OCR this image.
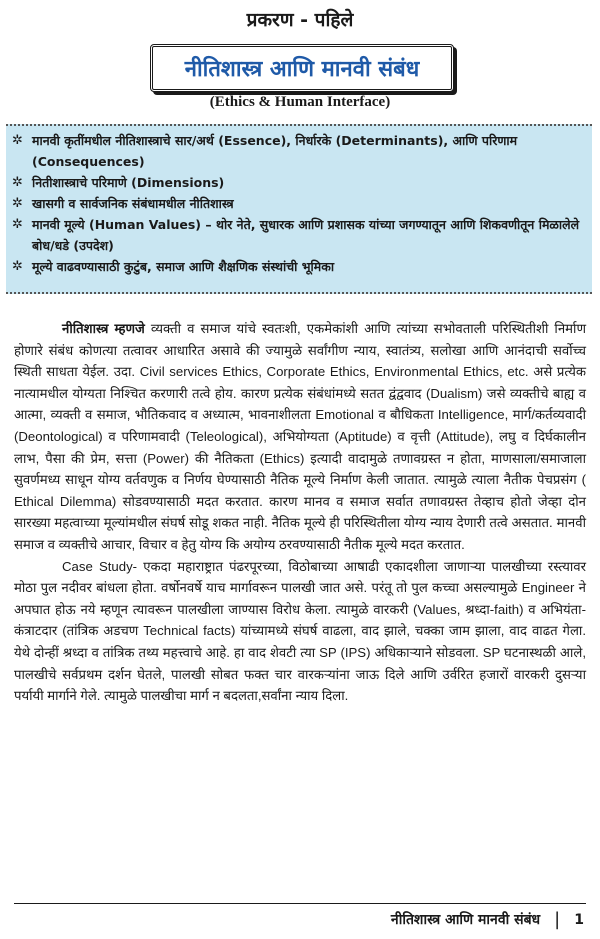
प्रकरण - पहिले
नीतिशास्त्र आणि मानवी संबंध
(Ethics & Human Interface)
✲ मानवी कृतींमधील नीतिशास्त्राचे सार/अर्थ (Essence), निर्धारके (Determinants), आणि परिणाम (Consequences)
✲ नितीशास्त्राचे परिमाणे (Dimensions)
✲ खासगी व सार्वजनिक संबंधामधील नीतिशास्त्र
✲ मानवी मूल्ये (Human Values) – थोर नेते, सुधारक आणि प्रशासक यांच्या जगण्यातून आणि शिकवणीतून मिळालेले बोध/धडे (उपदेश)
✲ मूल्ये वाढवण्यासाठी कुटुंब, समाज आणि शैक्षणिक संस्थांची भूमिका

नीतिशास्त्र म्हणजे व्यक्ती व समाज यांचे स्वतःशी, एकमेकांशी आणि त्यांच्या सभोवताली परिस्थितीशी निर्माण होणारे संबंध कोणत्या तत्वावर आधारित असावे की ज्यामुळे सर्वांगीण न्याय, स्वातंत्र्य, सलोखा आणि आनंदाची सर्वोच्च स्थिती साधता येईल. उदा. Civil services Ethics, Corporate Ethics, Environmental Ethics, etc. असे प्रत्येक नात्यामधील योग्यता निश्चित करणारी तत्वे होय. कारण प्रत्येक संबंधांमध्ये सतत द्वंद्ववाद (Dualism) जसे व्यक्तीचे बाह्य व आत्मा, व्यक्ती व समाज, भौतिकवाद व अध्यात्म, भावनाशीलता Emotional व बौधिकता Intelligence, मार्ग/कर्तव्यवादी (Deontological) व परिणामवादी (Teleological), अभियोग्यता (Aptitude) व वृत्ती (Attitude), लघु व दिर्घकालीन लाभ, पैसा की प्रेम, सत्ता (Power) की नैतिकता (Ethics) इत्यादी वादामुळे तणावग्रस्त न होता, माणसाला/समाजाला सुवर्णमध्य साधून योग्य वर्तवणुक व निर्णय घेण्यासाठी नैतिक मूल्ये निर्माण केली जातात. त्यामुळे त्याला नैतीक पेचप्रसंग ( Ethical Dilemma) सोडवण्यासाठी मदत करतात. कारण मानव व समाज सर्वात तणावग्रस्त तेव्हाच होतो जेव्हा दोन सारख्या महत्वाच्या मूल्यांमधील संघर्ष सोडू शकत नाही. नैतिक मूल्ये ही परिस्थितीला योग्य न्याय देणारी तत्वे असतात. मानवी समाज व व्यक्तीचे आचार, विचार व हेतु योग्य कि अयोग्य ठरवण्यासाठी नैतीक मूल्ये मदत करतात.

Case Study- एकदा महाराष्ट्रात पंढरपूरच्या, विठोबाच्या आषाढी एकादशीला जाणाऱ्या पालखीच्या रस्त्यावर मोठा पुल नदीवर बांधला होता. वर्षोनवर्षे याच मार्गावरून पालखी जात असे. परंतू तो पुल कच्चा असल्यामुळे Engineer ने अपघात होऊ नये म्हणून त्यावरून पालखीला जाण्यास विरोध केला. त्यामुळे वारकरी (Values, श्रध्दा-faith) व अभियंता- कंत्राटदार (तांत्रिक अडचण Technical facts) यांच्यामध्ये संघर्ष वाढला, वाद झाले, चक्का जाम झाला, वाद वाढत गेला. येथे दोन्हीं श्रध्दा व तांत्रिक तथ्य महत्त्वाचे आहे. हा वाद शेवटी त्या SP (IPS) अधिकाऱ्याने सोडवला. SP घटनास्थळी आले, पालखीचे सर्वप्रथम दर्शन घेतले, पालखी सोबत फक्त चार वारकऱ्यांना जाऊ दिले आणि उर्वरित हजारों वारकरी दुसऱ्या पर्यायी मार्गाने गेले. त्यामुळे पालखीचा मार्ग न बदलता,सर्वांना न्याय दिला.

नीतिशास्त्र आणि मानवी संबंध | 1
